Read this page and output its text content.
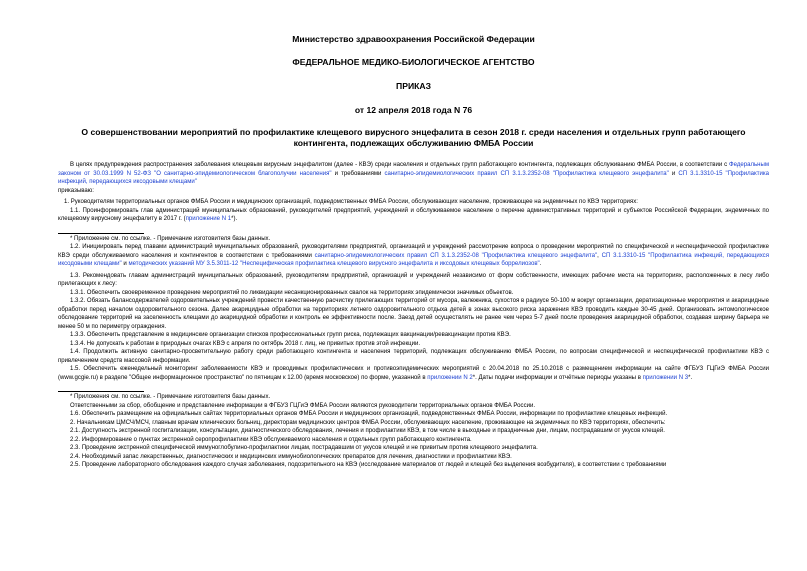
Министерство здравоохранения Российской Федерации
ФЕДЕРАЛЬНОЕ МЕДИКО-БИОЛОГИЧЕСКОЕ АГЕНТСТВО
ПРИКАЗ
от 12 апреля 2018 года N 76
О совершенствовании мероприятий по профилактике клещевого вирусного энцефалита в сезон 2018 г. среди населения и отдельных групп работающего контингента, подлежащих обслуживанию ФМБА России

В целях предупреждения распространения заболевания клещевым вирусным энцефалитом (далее - КВЭ) среди населения и отдельных групп работающего контингента, подлежащих обслуживанию ФМБА России, в соответствии с Федеральным законом от 30.03.1999 N 52-ФЗ "О санитарно-эпидемиологическом благополучии населения" и требованиями санитарно-эпидемиологических правил СП 3.1.3.2352-08 "Профилактика клещевого энцефалита" и СП 3.1.3310-15 "Профилактика инфекций, передающихся иксодовыми клещами"

приказываю:

1. Руководителям территориальных органов ФМБА России и медицинских организаций, подведомственных ФМБА России, обслуживающих население, проживающее на эндемичных по КВЭ территориях:

1.1. Проинформировать глав администраций муниципальных образований, руководителей предприятий, учреждений и обслуживаемое население о перечне административных территорий и субъектов Российской Федерации, эндемичных по клещевому вирусному энцефалиту в 2017 г. (приложение N 1*).

* Приложение см. по ссылке. - Примечание изготовителя базы данных.

1.2. Инициировать перед главами администраций муниципальных образований, руководителями предприятий, организаций и учреждений рассмотрение вопроса о проведении мероприятий по специфической и неспецифической профилактике КВЭ среди обслуживаемого населения и контингентов в соответствии с требованиями санитарно-эпидемиологических правил СП 3.1.3.2352-08 "Профилактика клещевого энцефалита", СП 3.1.3310-15 "Профилактика инфекций, передающихся иксодовыми клещами" и методических указаний МУ 3.5.3011-12 "Неспецифическая профилактика клещевого вирусного энцефалита и иксодовых клещевых боррелиозов".

1.3. Рекомендовать главам администраций муниципальных образований, руководителям предприятий, организаций и учреждений независимо от форм собственности, имеющих рабочие места на территориях, расположенных в лесу либо прилегающих к лесу:

1.3.1. Обеспечить своевременное проведение мероприятий по ликвидации несанкционированных свалок на территориях эпидемически значимых объектов.

1.3.2. Обязать балансодержателей оздоровительных учреждений провести качественную расчистку прилегающих территорий от мусора, валежника, сухостоя в радиусе 50-100 м вокруг организации, дератизационные мероприятия и акарицидные обработки перед началом оздоровительного сезона. Далее акарицидные обработки на территориях летнего оздоровительного отдыха детей в зонах высокого риска заражения КВЭ проводить каждые 30-45 дней. Организовать энтомологическое обследование территорий на заселенность клещами до акарицидной обработки и контроль ее эффективности после. Заезд детей осуществлять не ранее чем через 5-7 дней после проведения акарицидной обработки, создавая ширину барьера не менее 50 м по периметру ограждения.

1.3.3. Обеспечить представление в медицинские организации списков профессиональных групп риска, подлежащих вакцинации/ревакцинации против КВЭ.

1.3.4. Не допускать к работам в природных очагах КВЭ с апреля по октябрь 2018 г. лиц, не привитых против этой инфекции.

1.4. Продолжить активную санитарно-просветительную работу среди работающего контингента и населения территорий, подлежащих обслуживанию ФМБА России, по вопросам специфической и неспецифической профилактики КВЭ с привлечением средств массовой информации.

1.5. Обеспечить еженедельный мониторинг заболеваемости КВЭ и проводимых профилактических и противоэпидемических мероприятий с 20.04.2018 по 25.10.2018 с размещением информации на сайте ФГБУЗ ГЦГиЭ ФМБА России (www.gcgie.ru) в разделе "Общее информационное пространство" по пятницам к 12.00 (время московское) по форме, указанной в приложении N 2*. Даты подачи информации и отчётные периоды указаны в приложении N 3*.

* Приложения см. по ссылке. - Примечание изготовителя базы данных.

Ответственными за сбор, обобщение и представление информации в ФГБУЗ ГЦГиЭ ФМБА России являются руководители территориальных органов ФМБА России.

1.6. Обеспечить размещение на официальных сайтах территориальных органов ФМБА России и медицинских организаций, подведомственных ФМБА России, информации по профилактике клещевых инфекций.

2. Начальникам ЦМСЧ/МСЧ, главным врачам клинических больниц, директорам медицинских центров ФМБА России, обслуживающих население, проживающее на эндемичных по КВЭ территориях, обеспечить:

2.1. Доступность экстренной госпитализации, консультации, диагностического обследования, лечения и профилактики КВЭ, в том числе в выходные и праздничные дни, лицам, пострадавшим от укусов клещей.

2.2. Информирование о пунктах экстренной серопрофилактики КВЭ обслуживаемого населения и отдельных групп работающего контингента.

2.3. Проведение экстренной специфической иммуноглобулино-профилактики лицам, пострадавшим от укусов клещей и не привитым против клещевого энцефалита.

2.4. Необходимый запас лекарственных, диагностических и медицинских иммунобиологических препаратов для лечения, диагностики и профилактики КВЭ.

2.5. Проведение лабораторного обследования каждого случая заболевания, подозрительного на КВЭ (исследование материалов от людей и клещей без выделения возбудителя), в соответствии с требованиями
